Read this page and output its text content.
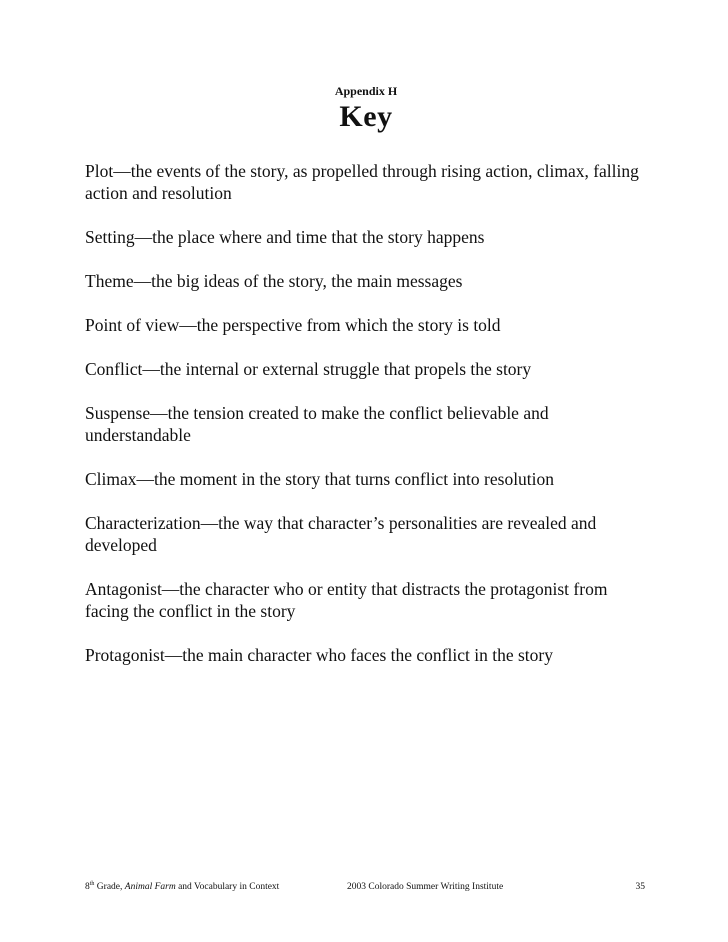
Appendix H
Key

Plot—the events of the story, as propelled through rising action, climax, falling action and resolution

Setting—the place where and time that the story happens

Theme—the big ideas of the story, the main messages

Point of view—the perspective from which the story is told

Conflict—the internal or external struggle that propels the story

Suspense—the tension created to make the conflict believable and understandable

Climax—the moment in the story that turns conflict into resolution

Characterization—the way that character’s personalities are revealed and developed

Antagonist—the character who or entity that distracts the protagonist from facing the conflict in the story

Protagonist—the main character who faces the conflict in the story

8th Grade, Animal Farm and Vocabulary in Context	2003 Colorado Summer Writing Institute	35
